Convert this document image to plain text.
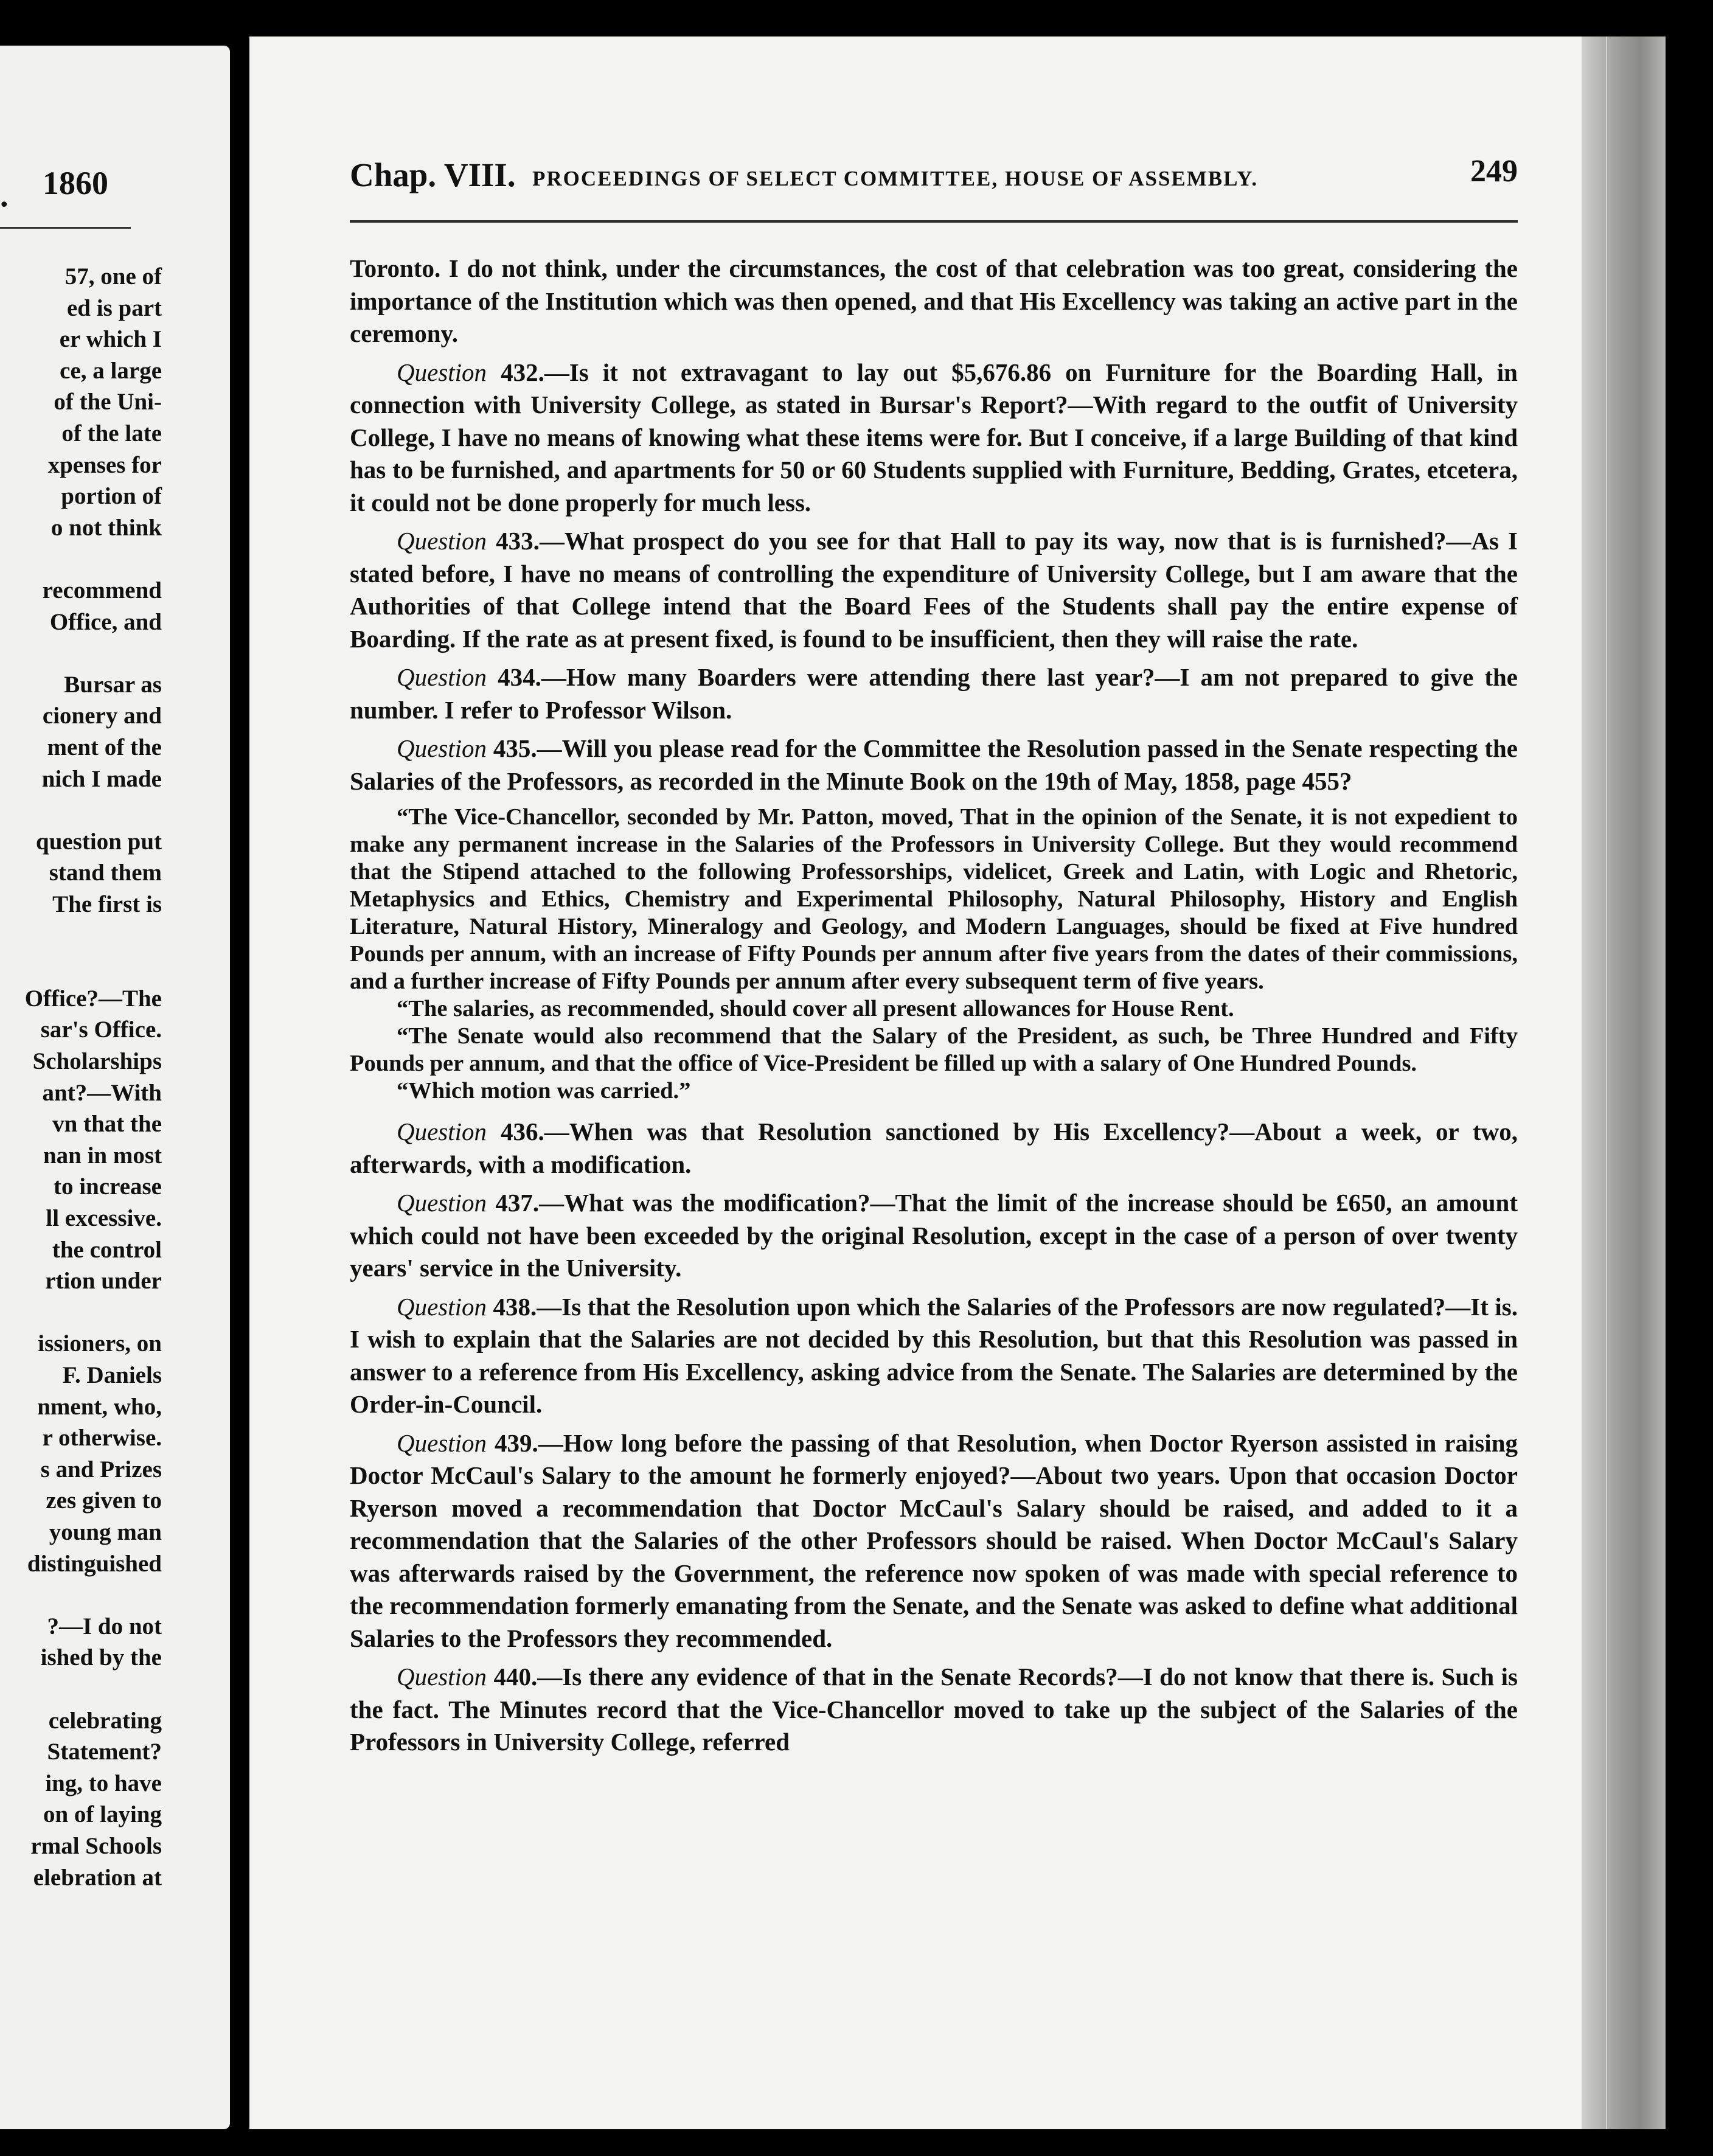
. 1860
57, one of
ed is part
er which I
ce, a large
of the Uni-
of the late
xpenses for
portion of
o not think
recommend
Office, and
Bursar as
cionery and
ment of the
nich I made
question put
stand them
The first is
Office?—The
sar's Office.
Scholarships
ant?—With
vn that the
nan in most
to increase
ll excessive.
the control
rtion under
issioners, on
F. Daniels
nment, who,
r otherwise.
s and Prizes
zes given to
young man
distinguished
?—I do not
ished by the
celebrating
Statement?
ing, to have
on of laying
rmal Schools
elebration at
Chap. VIII. PROCEEDINGS OF SELECT COMMITTEE, HOUSE OF ASSEMBLY.	249

Toronto. I do not think, under the circumstances, the cost of that celebration was too great, considering the importance of the Institution which was then opened, and that His Excellency was taking an active part in the ceremony.

Question 432.—Is it not extravagant to lay out $5,676.86 on Furniture for the Boarding Hall, in connection with University College, as stated in Bursar's Report?—With regard to the outfit of University College, I have no means of knowing what these items were for. But I conceive, if a large Building of that kind has to be furnished, and apartments for 50 or 60 Students supplied with Furniture, Bedding, Grates, etcetera, it could not be done properly for much less.

Question 433.—What prospect do you see for that Hall to pay its way, now that is is furnished?—As I stated before, I have no means of controlling the expenditure of University College, but I am aware that the Authorities of that College intend that the Board Fees of the Students shall pay the entire expense of Boarding. If the rate as at present fixed, is found to be insufficient, then they will raise the rate.

Question 434.—How many Boarders were attending there last year?—I am not prepared to give the number. I refer to Professor Wilson.

Question 435.—Will you please read for the Committee the Resolution passed in the Senate respecting the Salaries of the Professors, as recorded in the Minute Book on the 19th of May, 1858, page 455?

“The Vice-Chancellor, seconded by Mr. Patton, moved, That in the opinion of the Senate, it is not expedient to make any permanent increase in the Salaries of the Professors in University College. But they would recommend that the Stipend attached to the following Professorships, videlicet, Greek and Latin, with Logic and Rhetoric, Metaphysics and Ethics, Chemistry and Experimental Philosophy, Natural Philosophy, History and English Literature, Natural History, Mineralogy and Geology, and Modern Languages, should be fixed at Five hundred Pounds per annum, with an increase of Fifty Pounds per annum after five years from the dates of their commissions, and a further increase of Fifty Pounds per annum after every subsequent term of five years.

“The salaries, as recommended, should cover all present allowances for House Rent.

“The Senate would also recommend that the Salary of the President, as such, be Three Hundred and Fifty Pounds per annum, and that the office of Vice-President be filled up with a salary of One Hundred Pounds.

“Which motion was carried.”

Question 436.—When was that Resolution sanctioned by His Excellency?—About a week, or two, afterwards, with a modification.

Question 437.—What was the modification?—That the limit of the increase should be £650, an amount which could not have been exceeded by the original Resolution, except in the case of a person of over twenty years' service in the University.

Question 438.—Is that the Resolution upon which the Salaries of the Professors are now regulated?—It is. I wish to explain that the Salaries are not decided by this Resolution, but that this Resolution was passed in answer to a reference from His Excellency, asking advice from the Senate. The Salaries are determined by the Order-in-Council.

Question 439.—How long before the passing of that Resolution, when Doctor Ryerson assisted in raising Doctor McCaul's Salary to the amount he formerly enjoyed?—About two years. Upon that occasion Doctor Ryerson moved a recommendation that Doctor McCaul's Salary should be raised, and added to it a recommendation that the Salaries of the other Professors should be raised. When Doctor McCaul's Salary was afterwards raised by the Government, the reference now spoken of was made with special reference to the recommendation formerly emanating from the Senate, and the Senate was asked to define what additional Salaries to the Professors they recommended.

Question 440.—Is there any evidence of that in the Senate Records?—I do not know that there is. Such is the fact. The Minutes record that the Vice-Chancellor moved to take up the subject of the Salaries of the Professors in University College, referred
